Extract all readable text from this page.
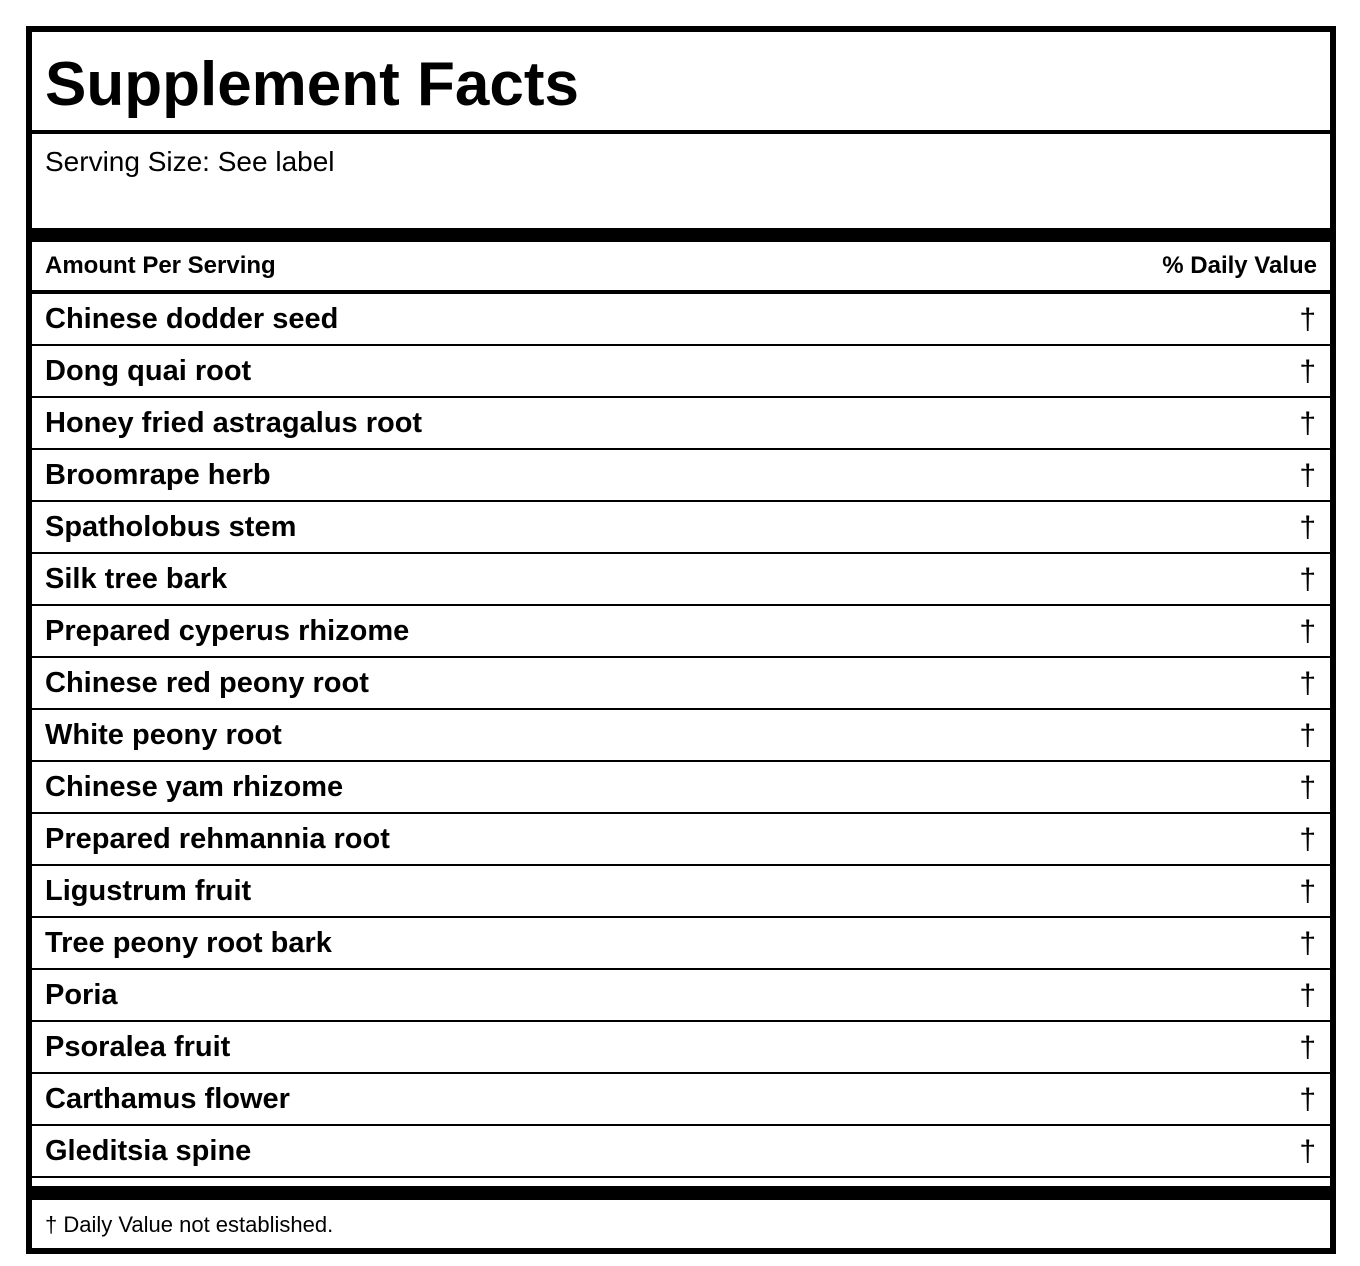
Supplement Facts
Serving Size: See label
Amount Per Serving	% Daily Value
Chinese dodder seed	†
Dong quai root	†
Honey fried astragalus root	†
Broomrape herb	†
Spatholobus stem	†
Silk tree bark	†
Prepared cyperus rhizome	†
Chinese red peony root	†
White peony root	†
Chinese yam rhizome	†
Prepared rehmannia root	†
Ligustrum fruit	†
Tree peony root bark	†
Poria	†
Psoralea fruit	†
Carthamus flower	†
Gleditsia spine	†
† Daily Value not established.
